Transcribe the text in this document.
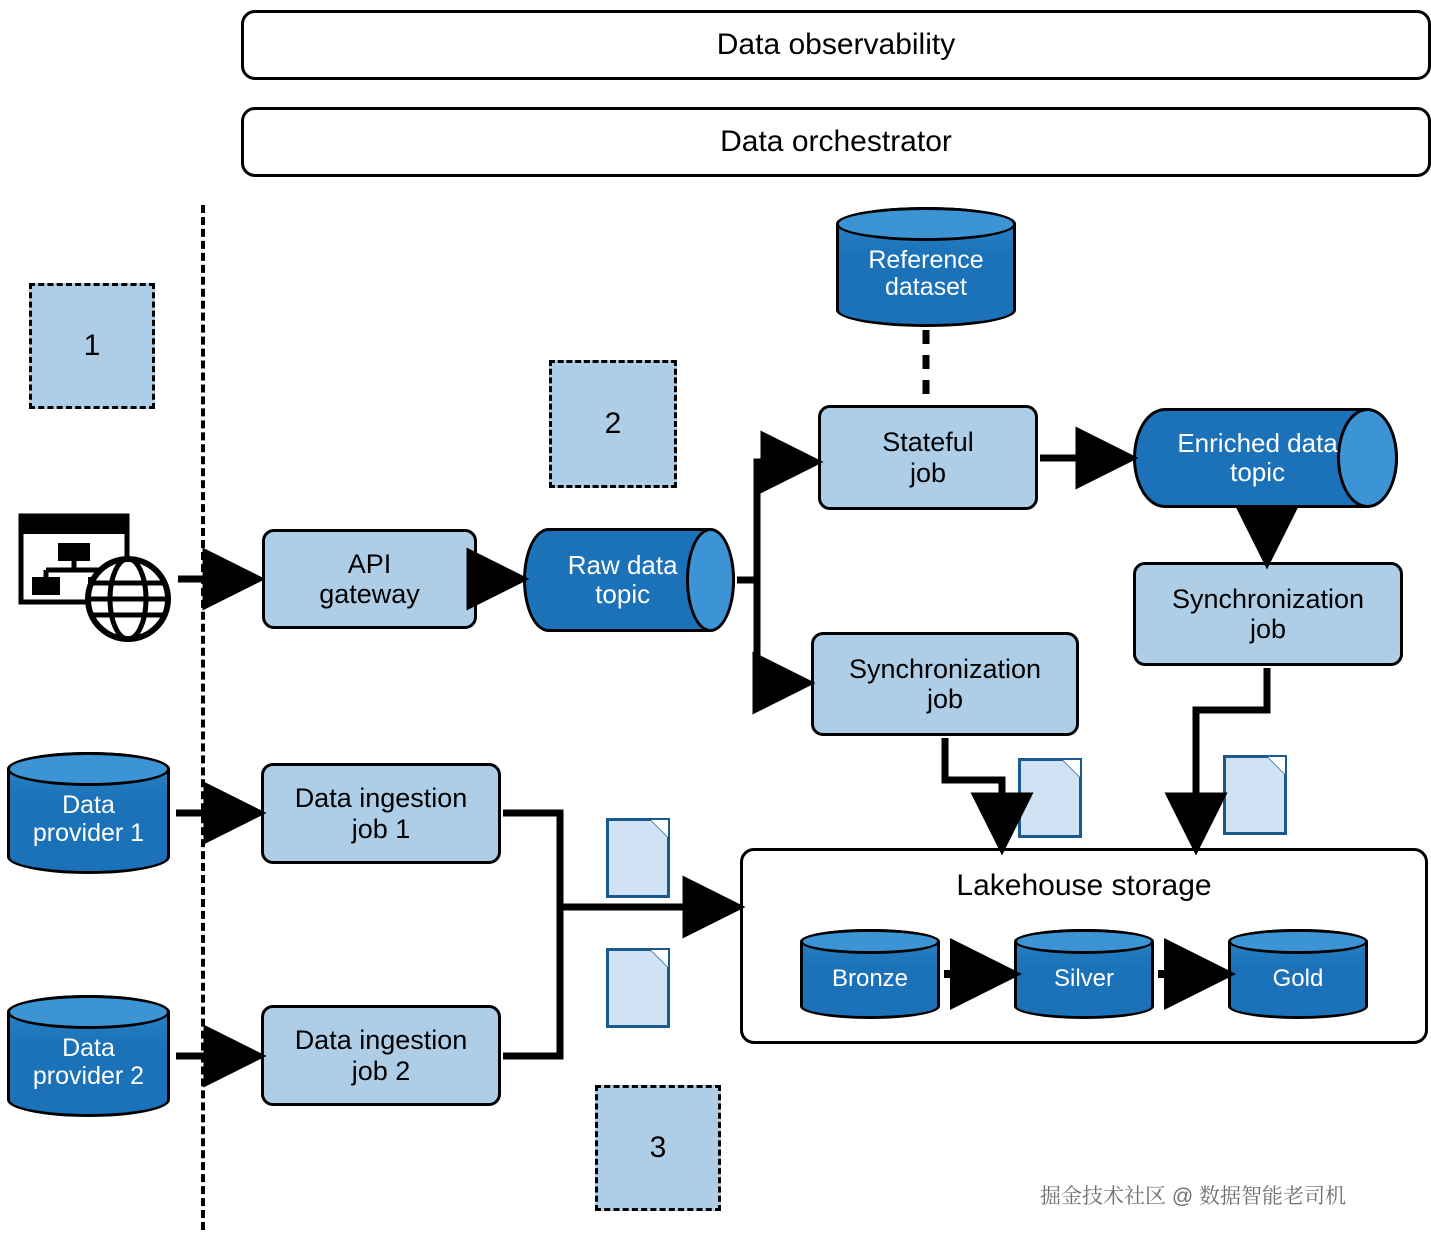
Data observability
Data orchestrator
1
2
3
API
gateway
Raw data
topic
Reference
dataset
Stateful
job
Enriched data
topic
Synchronization
job
Synchronization
job
Data
provider 1
Data
provider 2
Data ingestion
job 1
Data ingestion
job 2
Lakehouse storage
Bronze	Silver	Gold
掘金技术社区 @ 数据智能老司机
